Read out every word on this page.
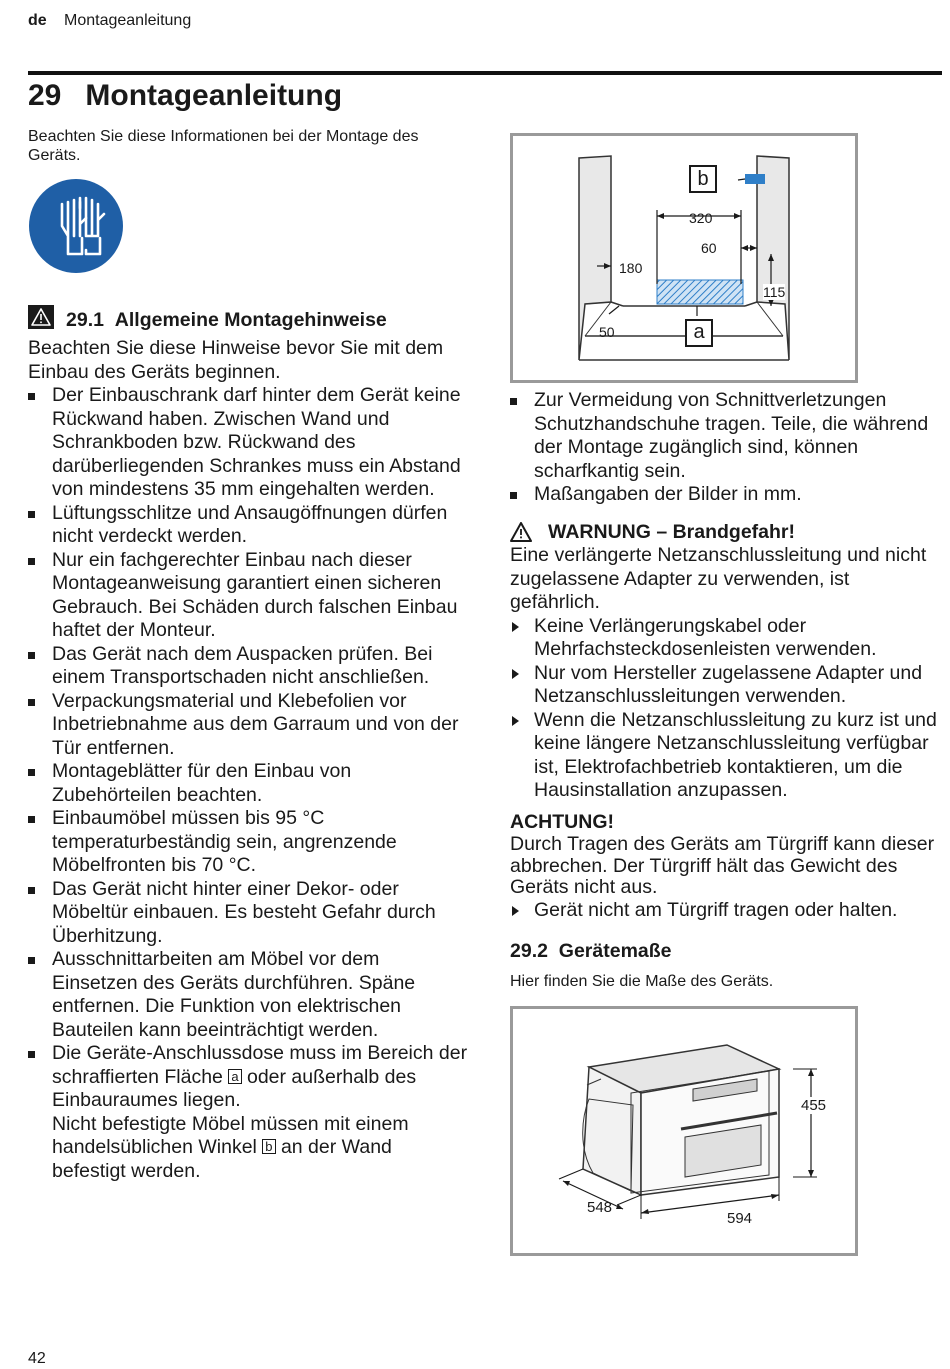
de Montageanleitung
29 Montageanleitung
Beachten Sie diese Informationen bei der Montage des Geräts.
29.1 Allgemeine Montagehinweise
Beachten Sie diese Hinweise bevor Sie mit dem Einbau des Geräts beginnen.
Der Einbauschrank darf hinter dem Gerät keine Rückwand haben. Zwischen Wand und Schrankboden bzw. Rückwand des darüberliegenden Schrankes muss ein Abstand von mindestens 35 mm eingehalten werden.
Lüftungsschlitze und Ansaugöffnungen dürfen nicht verdeckt werden.
Nur ein fachgerechter Einbau nach dieser Montageanweisung garantiert einen sicheren Gebrauch. Bei Schäden durch falschen Einbau haftet der Monteur.
Das Gerät nach dem Auspacken prüfen. Bei einem Transportschaden nicht anschließen.
Verpackungsmaterial und Klebefolien vor Inbetriebnahme aus dem Garraum und von der Tür entfernen.
Montageblätter für den Einbau von Zubehörteilen beachten.
Einbaumöbel müssen bis 95 °C temperaturbeständig sein, angrenzende Möbelfronten bis 70 °C.
Das Gerät nicht hinter einer Dekor- oder Möbeltür einbauen. Es besteht Gefahr durch Überhitzung.
Ausschnittarbeiten am Möbel vor dem Einsetzen des Geräts durchführen. Späne entfernen. Die Funktion von elektrischen Bauteilen kann beeinträchtigt werden.
Die Geräte-Anschlussdose muss im Bereich der schraffierten Fläche a oder außerhalb des Einbauraumes liegen.
Nicht befestigte Möbel müssen mit einem handelsüblichen Winkel b an der Wand befestigt werden.
b
a
320
60
180
115
50
Zur Vermeidung von Schnittverletzungen Schutzhandschuhe tragen. Teile, die während der Montage zugänglich sind, können scharfkantig sein.
Maßangaben der Bilder in mm.
WARNUNG – Brandgefahr!
Eine verlängerte Netzanschlussleitung und nicht zugelassene Adapter zu verwenden, ist gefährlich.
Keine Verlängerungskabel oder Mehrfachsteckdosenleisten verwenden.
Nur vom Hersteller zugelassene Adapter und Netzanschlussleitungen verwenden.
Wenn die Netzanschlussleitung zu kurz ist und keine längere Netzanschlussleitung verfügbar ist, Elektrofachbetrieb kontaktieren, um die Hausinstallation anzupassen.
ACHTUNG!
Durch Tragen des Geräts am Türgriff kann dieser abbrechen. Der Türgriff hält das Gewicht des Geräts nicht aus.
Gerät nicht am Türgriff tragen oder halten.
29.2 Gerätemaße
Hier finden Sie die Maße des Geräts.
455
548
594
42
